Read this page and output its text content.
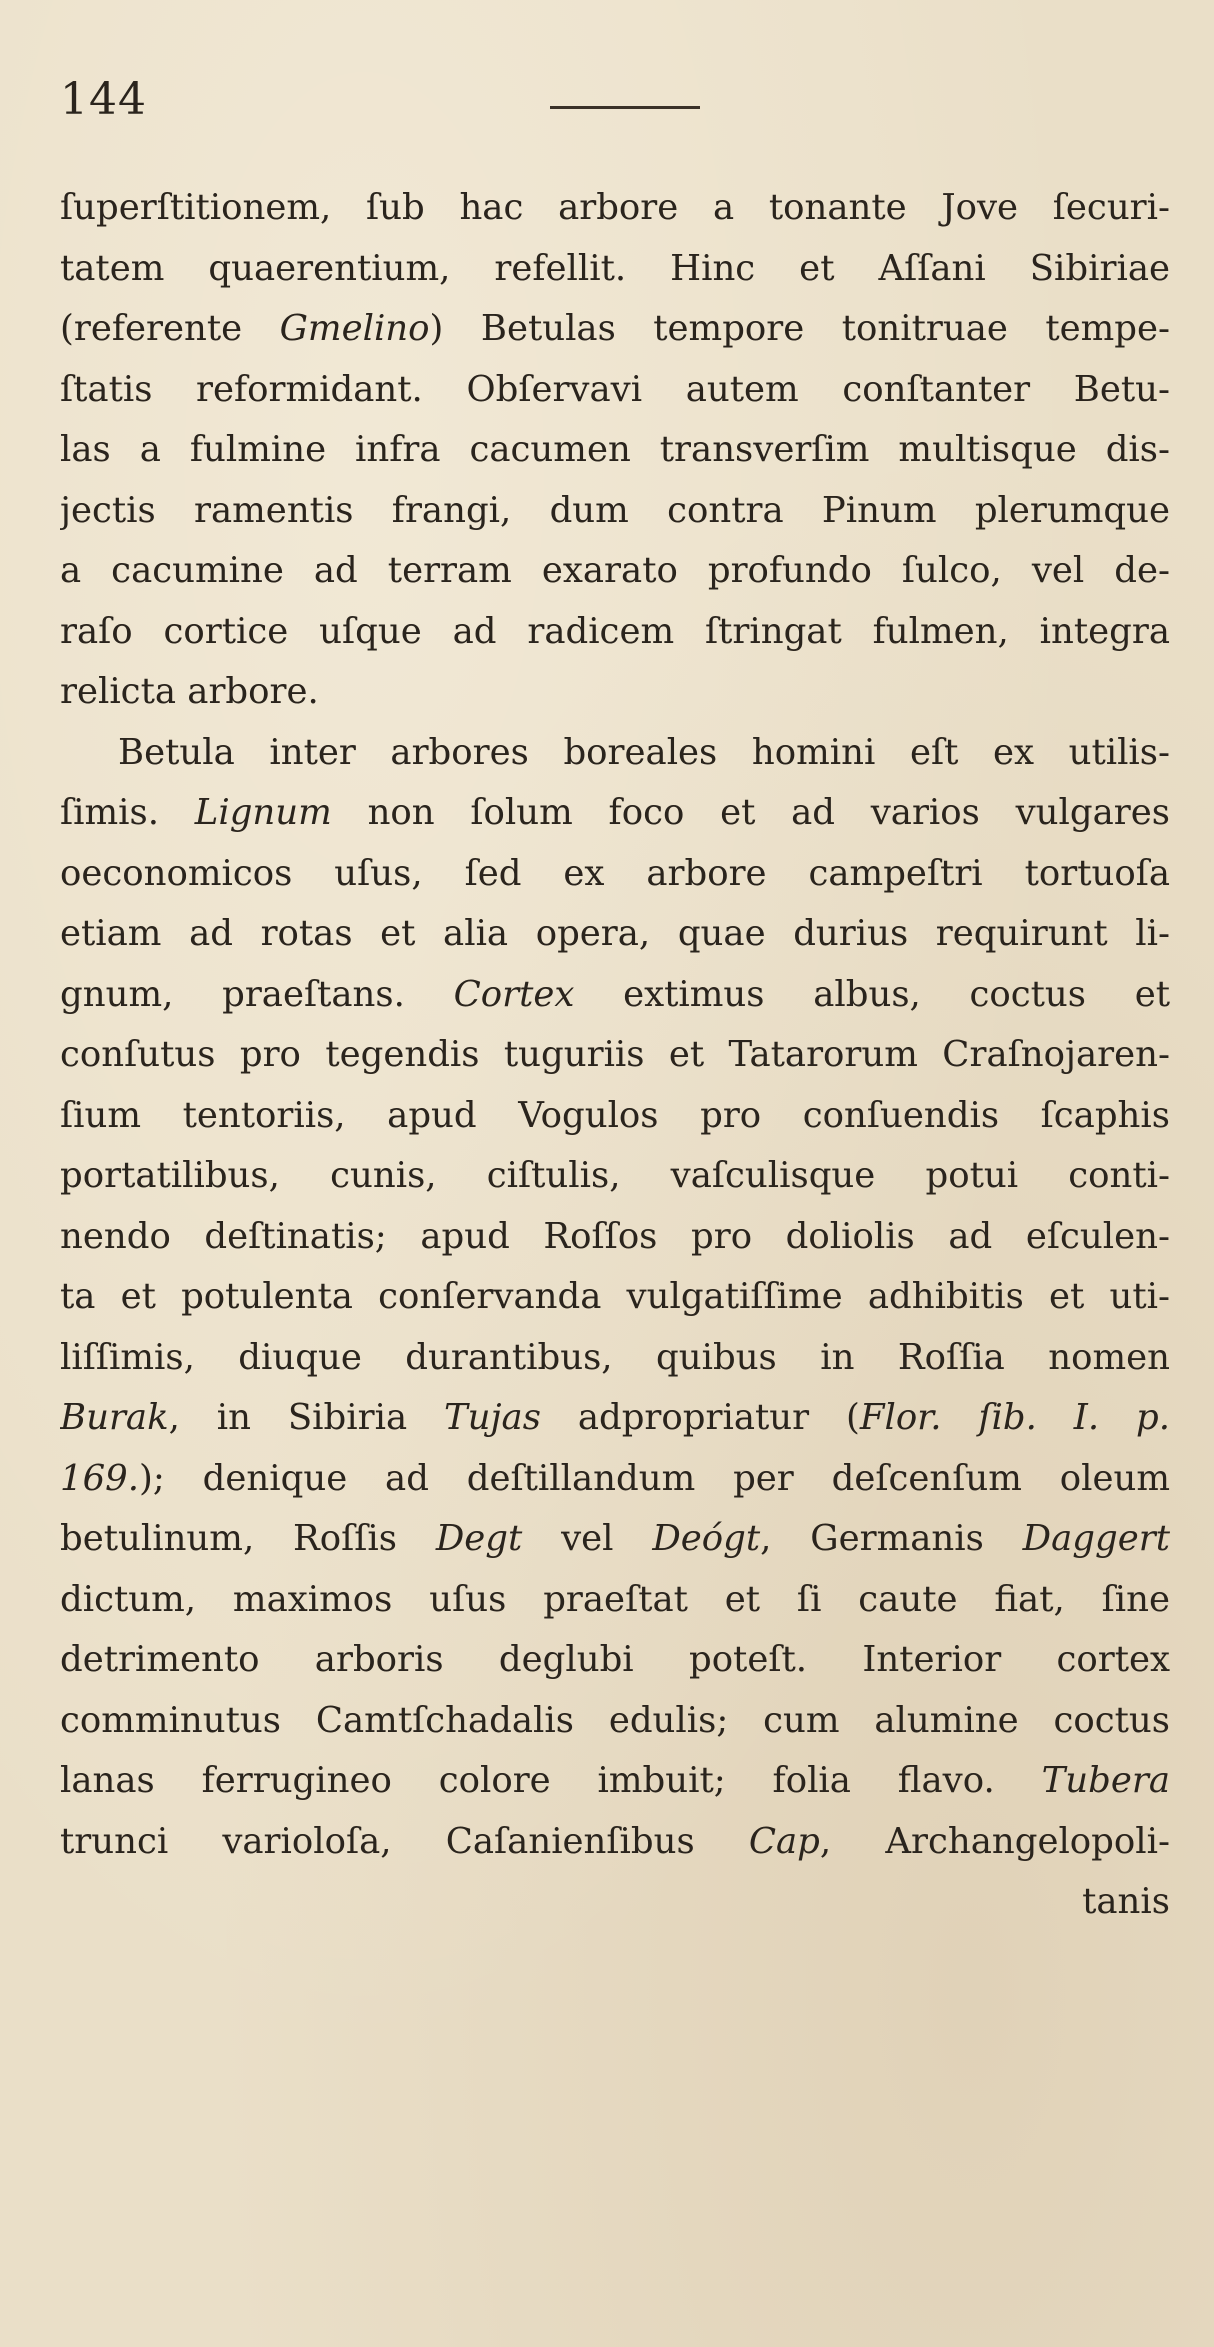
144
ſuperſtitionem, ſub hac arbore a tonante Jove ſecuri-
tatem quaerentium, refellit. Hinc et Aſſani Sibiriae
(referente Gmelino) Betulas tempore tonitruae tempe-
ſtatis reformidant. Obſervavi autem conſtanter Betu-
las a fulmine infra cacumen transverſim multisque dis-
jectis ramentis frangi, dum contra Pinum plerumque
a cacumine ad terram exarato profundo ſulco, vel de-
raſo cortice uſque ad radicem ſtringat fulmen, integra
relicta arbore.
Betula inter arbores boreales homini eſt ex utilis-
ſimis. Lignum non ſolum foco et ad varios vulgares
oeconomicos uſus, ſed ex arbore campeſtri tortuoſa
etiam ad rotas et alia opera, quae durius requirunt li-
gnum, praeſtans. Cortex extimus albus, coctus et
conſutus pro tegendis tuguriis et Tatarorum Craſnojaren-
ſium tentoriis, apud Vogulos pro conſuendis ſcaphis
portatilibus, cunis, ciſtulis, vaſculisque potui conti-
nendo deſtinatis; apud Roſſos pro doliolis ad eſculen-
ta et potulenta conſervanda vulgatiſſime adhibitis et uti-
liſſimis, diuque durantibus, quibus in Roſſia nomen
Burak, in Sibiria Tujas adpropriatur (Flor. ſib. I. p.
169.); denique ad deſtillandum per deſcenſum oleum
betulinum, Roſſis Degt vel Deógt, Germanis Daggert
dictum, maximos uſus praeſtat et ſi caute fiat, ſine
detrimento arboris deglubi poteſt. Interior cortex
comminutus Camtſchadalis edulis; cum alumine coctus
lanas ferrugineo colore imbuit; folia flavo. Tubera
trunci varioloſa, Caſanienſibus Cap, Archangelopoli-
tanis
